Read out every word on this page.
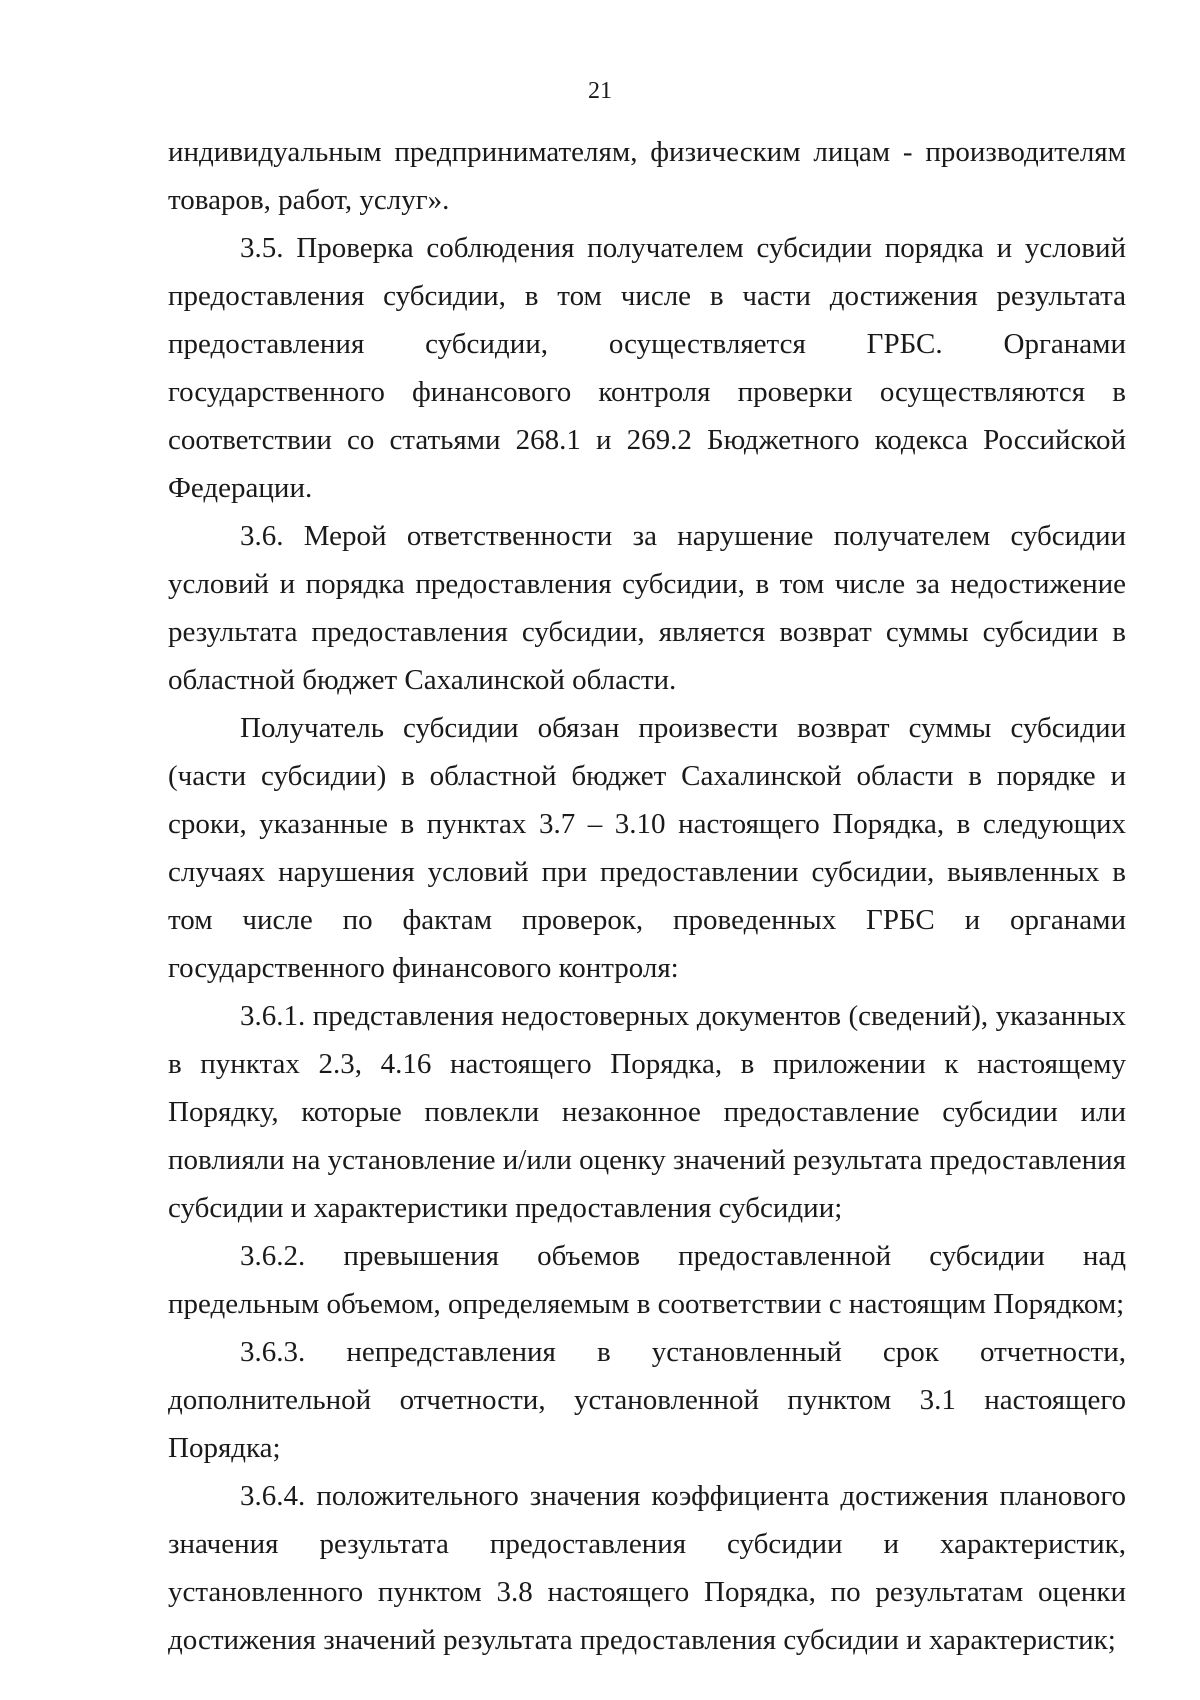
21

индивидуальным предпринимателям, физическим лицам - производителям товаров, работ, услуг».

3.5. Проверка соблюдения получателем субсидии порядка и условий предоставления субсидии, в том числе в части достижения результата предоставления субсидии, осуществляется ГРБС. Органами государственного финансового контроля проверки осуществляются в соответствии со статьями 268.1 и 269.2 Бюджетного кодекса Российской Федерации.

3.6. Мерой ответственности за нарушение получателем субсидии условий и порядка предоставления субсидии, в том числе за недостижение результата предоставления субсидии, является возврат суммы субсидии в областной бюджет Сахалинской области.

Получатель субсидии обязан произвести возврат суммы субсидии (части субсидии) в областной бюджет Сахалинской области в порядке и сроки, указанные в пунктах 3.7 – 3.10 настоящего Порядка, в следующих случаях нарушения условий при предоставлении субсидии, выявленных в том числе по фактам проверок, проведенных ГРБС и органами государственного финансового контроля:

3.6.1. представления недостоверных документов (сведений), указанных в пунктах 2.3, 4.16 настоящего Порядка, в приложении к настоящему Порядку, которые повлекли незаконное предоставление субсидии или повлияли на установление и/или оценку значений результата предоставления субсидии и характеристики предоставления субсидии;

3.6.2. превышения объемов предоставленной субсидии над предельным объемом, определяемым в соответствии с настоящим Порядком;

3.6.3. непредставления в установленный срок отчетности,
дополнительной отчетности, установленной пунктом 3.1 настоящего Порядка;

3.6.4. положительного значения коэффициента достижения планового значения результата предоставления субсидии и характеристик, установленного пунктом 3.8 настоящего Порядка, по результатам оценки достижения значений результата предоставления субсидии и характеристик;
